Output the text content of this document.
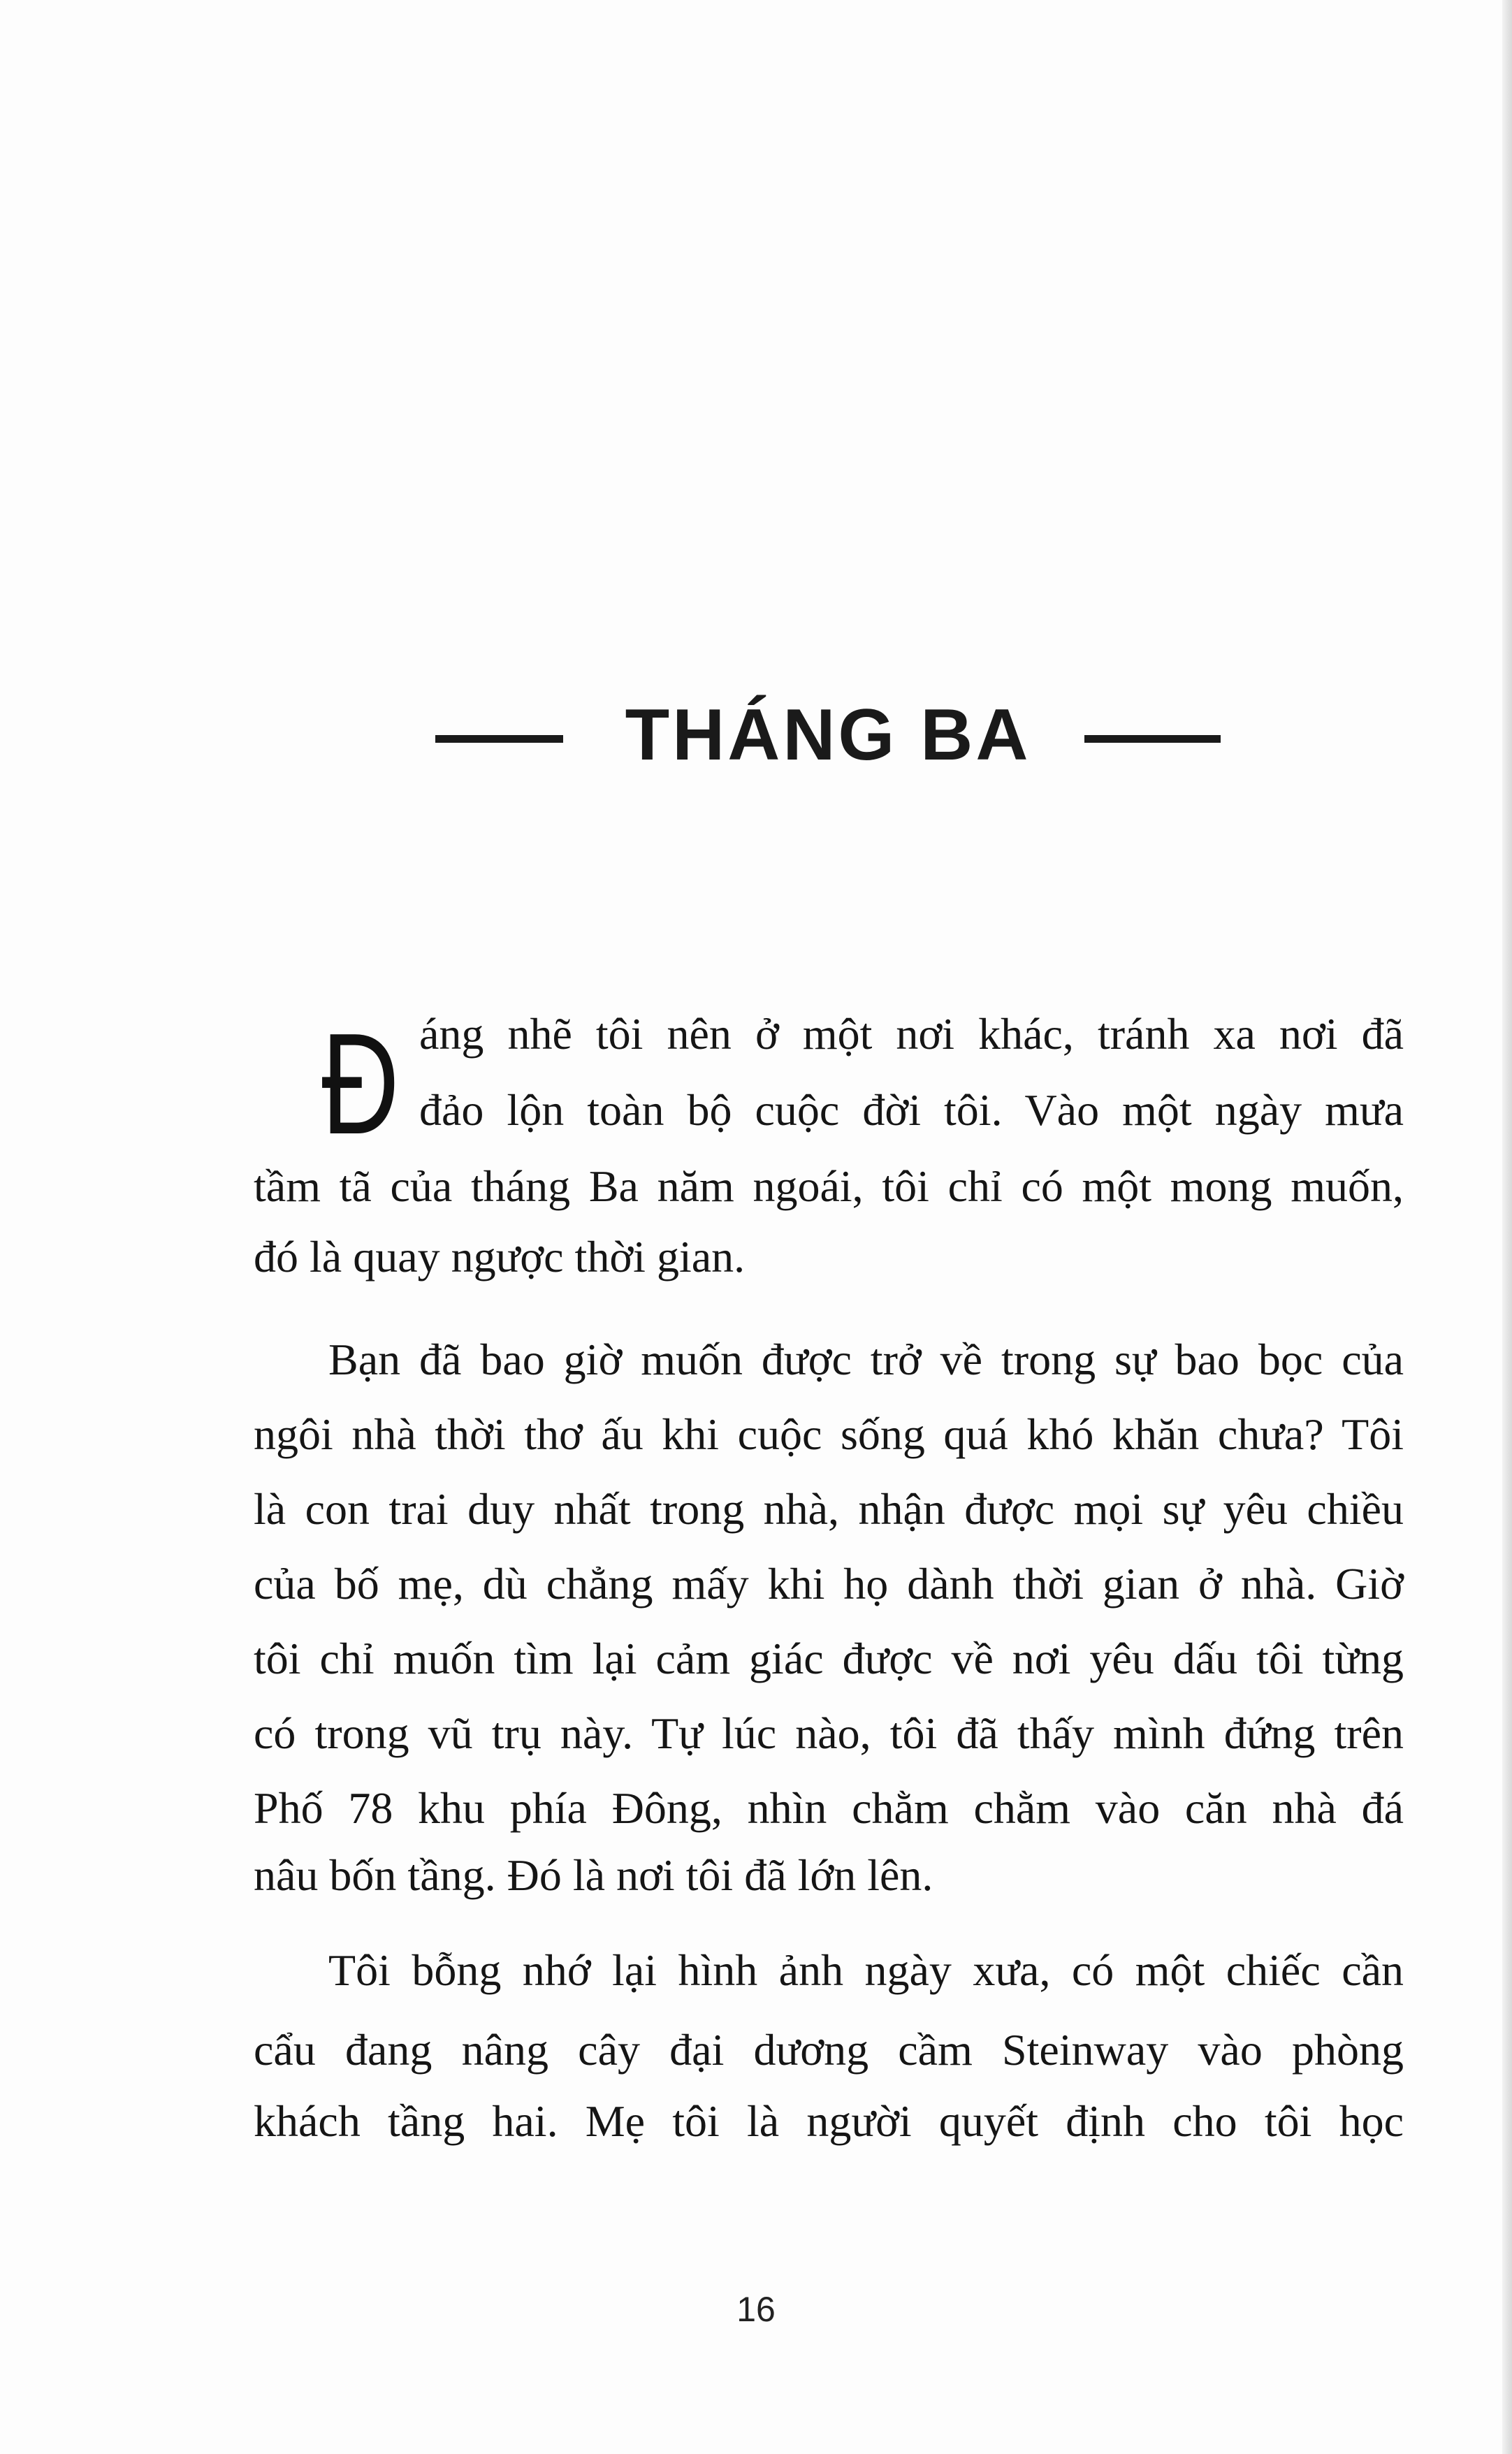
THÁNG BA
Đ áng nhẽ tôi nên ở một nơi khác, tránh xa nơi đã
đảo lộn toàn bộ cuộc đời tôi. Vào một ngày mưa
tầm tã của tháng Ba năm ngoái, tôi chỉ có một mong muốn,
đó là quay ngược thời gian.
Bạn đã bao giờ muốn được trở về trong sự bao bọc của
ngôi nhà thời thơ ấu khi cuộc sống quá khó khăn chưa? Tôi
là con trai duy nhất trong nhà, nhận được mọi sự yêu chiều
của bố mẹ, dù chẳng mấy khi họ dành thời gian ở nhà. Giờ
tôi chỉ muốn tìm lại cảm giác được về nơi yêu dấu tôi từng
có trong vũ trụ này. Tự lúc nào, tôi đã thấy mình đứng trên
Phố 78 khu phía Đông, nhìn chằm chằm vào căn nhà đá
nâu bốn tầng. Đó là nơi tôi đã lớn lên.
Tôi bỗng nhớ lại hình ảnh ngày xưa, có một chiếc cần
cẩu đang nâng cây đại dương cầm Steinway vào phòng
khách tầng hai. Mẹ tôi là người quyết định cho tôi học
16
